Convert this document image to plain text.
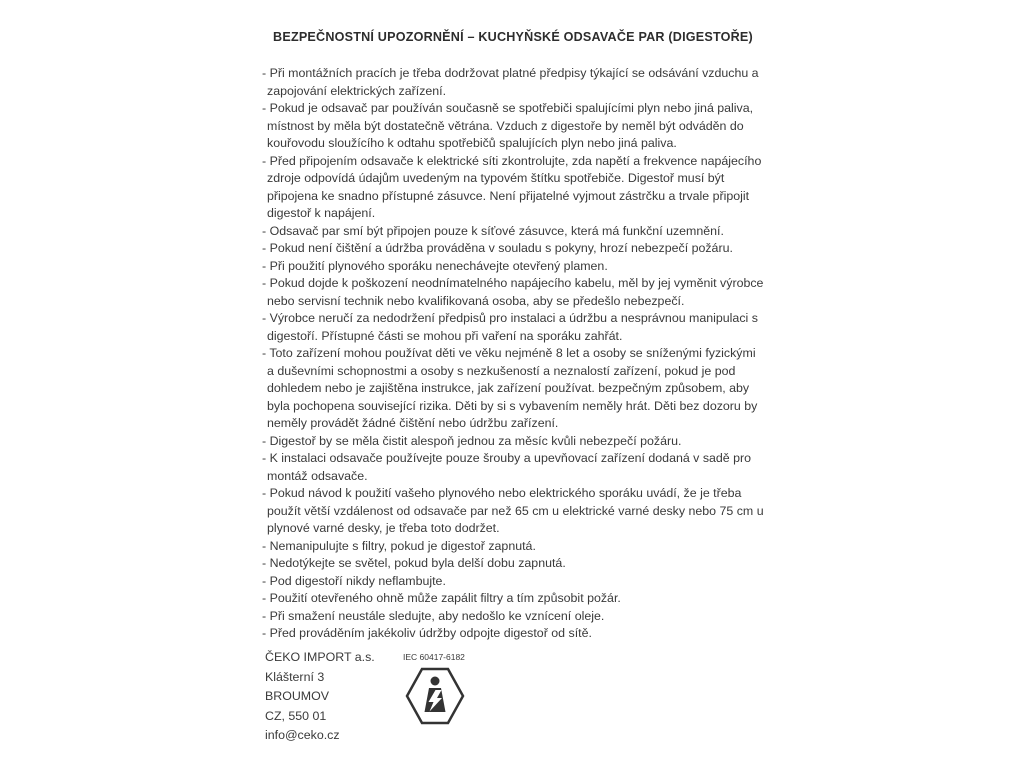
BEZPEČNOSTNÍ UPOZORNĚNÍ – KUCHYŇSKÉ ODSAVAČE PAR (DIGESTOŘE)
- Při montážních pracích je třeba dodržovat platné předpisy týkající se odsávání vzduchu a zapojování elektrických zařízení.
- Pokud je odsavač par používán současně se spotřebiči spalujícími plyn nebo jiná paliva, místnost by měla být dostatečně větrána. Vzduch z digestoře by neměl být odváděn do kouřovodu sloužícího k odtahu spotřebičů spalujících plyn nebo jiná paliva.
- Před připojením odsavače k elektrické síti zkontrolujte, zda napětí a frekvence napájecího zdroje odpovídá údajům uvedeným na typovém štítku spotřebiče. Digestoř musí být připojena ke snadno přístupné zásuvce. Není přijatelné vyjmout zástrčku a trvale připojit digestoř k napájení.
- Odsavač par smí být připojen pouze k síťové zásuvce, která má funkční uzemnění.
- Pokud není čištění a údržba prováděna v souladu s pokyny, hrozí nebezpečí požáru.
- Při použití plynového sporáku nenechávejte otevřený plamen.
- Pokud dojde k poškození neodnímatelného napájecího kabelu, měl by jej vyměnit výrobce nebo servisní technik nebo kvalifikovaná osoba, aby se předešlo nebezpečí.
- Výrobce neručí za nedodržení předpisů pro instalaci a údržbu a nesprávnou manipulaci s digestoří. Přístupné části se mohou při vaření na sporáku zahřát.
- Toto zařízení mohou používat děti ve věku nejméně 8 let a osoby se sníženými fyzickými a duševními schopnostmi a osoby s nezkušeností a neznalostí zařízení, pokud je pod dohledem nebo je zajištěna instrukce, jak zařízení používat. bezpečným způsobem, aby byla pochopena související rizika. Děti by si s vybavením neměly hrát. Děti bez dozoru by neměly provádět žádné čištění nebo údržbu zařízení.
- Digestoř by se měla čistit alespoň jednou za měsíc kvůli nebezpečí požáru.
- K instalaci odsavače používejte pouze šrouby a upevňovací zařízení dodaná v sadě pro montáž odsavače.
- Pokud návod k použití vašeho plynového nebo elektrického sporáku uvádí, že je třeba použít větší vzdálenost od odsavače par než 65 cm u elektrické varné desky nebo 75 cm u plynové varné desky, je třeba toto dodržet.
- Nemanipulujte s filtry, pokud je digestoř zapnutá.
- Nedotýkejte se světel, pokud byla delší dobu zapnutá.
- Pod digestoří nikdy neflambujte.
- Použití otevřeného ohně může zapálit filtry a tím způsobit požár.
- Při smažení neustále sledujte, aby nedošlo ke vznícení oleje.
- Před prováděním jakékoliv údržby odpojte digestoř od sítě.
ČEKO IMPORT a.s.
Klášterní 3
BROUMOV
CZ, 550 01
info@ceko.cz
IEC 60417-6182
